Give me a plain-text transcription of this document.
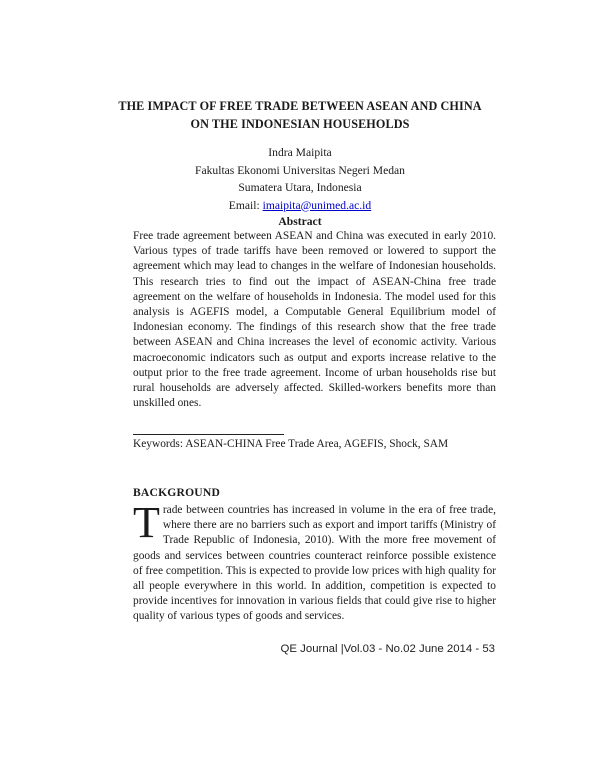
THE IMPACT OF FREE TRADE BETWEEN ASEAN AND CHINA
ON THE INDONESIAN HOUSEHOLDS
Indra Maipita
Fakultas Ekonomi Universitas Negeri Medan
Sumatera Utara, Indonesia
Email: imaipita@unimed.ac.id
Abstract
Free trade agreement between ASEAN and China was executed in early 2010. Various types of trade tariffs have been removed or lowered to support the agreement which may lead to changes in the welfare of Indonesian households. This research tries to find out the impact of ASEAN-China free trade agreement on the welfare of households in Indonesia. The model used for this analysis is AGEFIS model, a Computable General Equilibrium model of Indonesian economy. The findings of this research show that the free trade between ASEAN and China increases the level of economic activity. Various macroeconomic indicators such as output and exports increase relative to the output prior to the free trade agreement. Income of urban households rise but rural households are adversely affected. Skilled-workers benefits more than unskilled ones.
Keywords: ASEAN-CHINA Free Trade Area, AGEFIS, Shock, SAM
BACKGROUND
T rade between countries has increased in volume in the era of free trade, where there are no barriers such as export and import tariffs (Ministry of Trade Republic of Indonesia, 2010). With the more free movement of goods and services between countries counteract reinforce possible existence of free competition. This is expected to provide low prices with high quality for all people everywhere in this world. In addition, competition is expected to provide incentives for innovation in various fields that could give rise to higher quality of various types of goods and services.
QE Journal |Vol.03 - No.02 June 2014 - 53
